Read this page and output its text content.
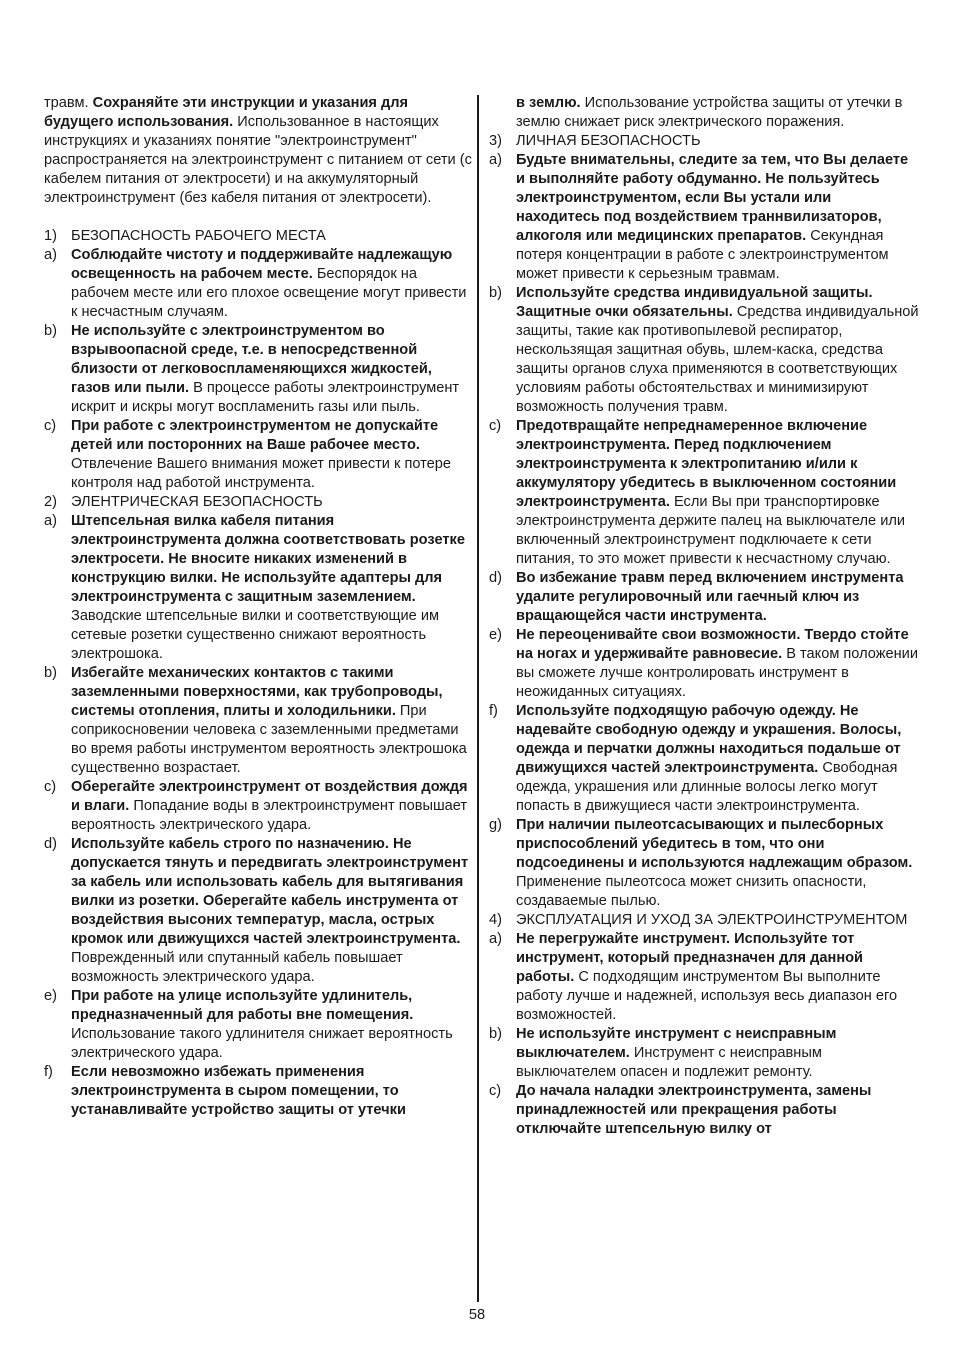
травм. Сохраняйте эти инструкции и указания для будущего использования. Использованное в настоящих инструкциях и указаниях понятие "электроинструмент" распространяется на электроинструмент с питанием от сети (с кабелем питания от электросети) и на аккумуляторный электроинструмент (без кабеля питания от электросети).

1) БЕЗОПАСНОСТЬ РАБОЧЕГО МЕСТА
a) Соблюдайте чистоту и поддерживайте надлежащую освещенность на рабочем месте. Беспорядок на рабочем месте или его плохое освещение могут привести к несчастным случаям.

b) Не используйте с электроинструментом во взрывоопасной среде, т.е. в непосредственной близости от легковоспламеняющихся жидкостей, газов или пыли. В процессе работы электроинструмент искрит и искры могут воспламенить газы или пыль.

c)	При работе с электроинструментом не допускайте детей или посторонних на Ваше рабочее место. Отвлечение Вашего внимания может привести к потере контроля над работой инструмента.

2) ЭЛЕНТРИЧЕСКАЯ БЕЗОПАСНОСТЬ
a) Штепсельная вилка кабеля питания электроинструмента должна соответствовать розетке электросети. Не вносите никаких изменений в конструкцию вилки. Не используйте адаптеры для электроинструмента с защитным заземлением. Заводские штепсельные вилки и соответствующие им сетевые розетки существенно снижают вероятность электрошока.

b) Избегайте механических контактов с такими заземленными поверхностями, как трубопроводы, системы отопления, плиты и холодильники. При соприкосновении человека с заземленными предметами во время работы инструментом вероятность электрошока существенно возрастает.

c)	Оберегайте электроинструмент от воздействия дождя и влаги. Попадание воды в электроинструмент повышает вероятность электрического удара.

d) Используйте кабель строго по назначению. Не допускается тянуть и передвигать электроинструмент за кабель или использовать кабель для вытягивания вилки из розетки. Оберегайте кабель инструмента от воздействия высоних температур, масла, острых кромок или движущихся частей электроинструмента. Поврежденный или спутанный кабель повышает возможность электрического удара.

e) При работе на улице используйте удлинитель, предназначенный для работы вне помещения. Использование такого удлинителя снижает вероятность электрического удара.

f)	Если невозможно избежать применения электроинструмента в сыром помещении, то устанавливайте устройство защиты от утечки

в землю. Использование устройства защиты от утечки в землю снижает риск электрического поражения.

3) ЛИЧНАЯ БЕЗОПАСНОСТЬ
a) Будьте внимательны, следите за тем, что Вы делаете и выполняйте работу обдуманно. Не пользуйтесь электроинструментом, если Вы устали или находитесь под воздействием траннвилизаторов, алкоголя или медицинских препаратов. Секундная потеря концентрации в работе с электроинструментом может привести к серьезным травмам.

b) Используйте средства индивидуальной защиты. Защитные очки обязательны. Средства индивидуальной защиты, такие как противопылевой респиратор, нескользящая защитная обувь, шлем-каска, средства защиты органов слуха применяются в соответствующих условиям работы обстоятельствах и минимизируют возможность получения травм.

c)	Предотвращайте непреднамеренное включение электроинструмента. Перед подключением электроинструмента к электропитанию и/или к аккумулятору убедитесь в выключенном состоянии электроинструмента. Если Вы при транспортировке электроинструмента держите палец на выключателе или включенный электроинструмент подключаете к сети питания, то это может привести к несчастному случаю.

d) Во избежание травм перед включением инструмента удалите регулировочный или гаечный ключ из вращающейся части инструмента.

e) Не переоценивайте свои возможности. Твердо стойте на ногах и удерживайте равновесие. В таком положении вы сможете лучше контролировать инструмент в неожиданных ситуациях.

f)	Используйте подходящую рабочую одежду. Не надевайте свободную одежду и украшения. Волосы, одежда и перчатки должны находиться подальше от движущихся частей электроинструмента. Свободная одежда, украшения или длинные волосы легко могут попасть в движущиеся части электроинструмента.

g) При наличии пылеотсасывающих и пылесборных приспособлений убедитесь в том, что они подсоединены и используются надлежащим образом. Применение пылеотсоса может снизить опасности, создаваемые пылью.

4) ЭКСПЛУАТАЦИЯ И УХОД ЗА ЭЛЕКТРОИНСТРУМЕНТОМ
a) Не перегружайте инструмент. Используйте тот инструмент, который предназначен для данной работы. С подходящим инструментом Вы выполните работу лучше и надежней, используя весь диапазон его возможностей.

b) Не используйте инструмент с неисправным выключателем. Инструмент с неисправным выключателем опасен и подлежит ремонту.

c)	До начала наладки электроинструмента, замены принадлежностей или прекращения работы отключайте штепсельную вилку от

58
